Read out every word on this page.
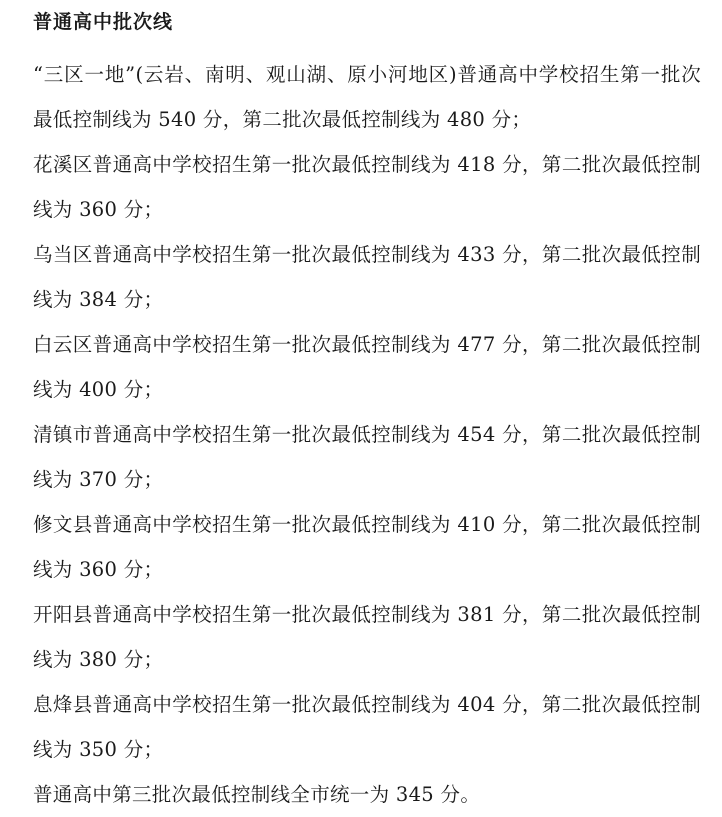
普通高中批次线

“三区一地”(云岩、南明、观山湖、原小河地区)普通高中学校招生第一批次最低控制线为 540 分，第二批次最低控制线为 480 分；

花溪区普通高中学校招生第一批次最低控制线为 418 分，第二批次最低控制线为 360 分；

乌当区普通高中学校招生第一批次最低控制线为 433 分，第二批次最低控制线为 384 分；

白云区普通高中学校招生第一批次最低控制线为 477 分，第二批次最低控制线为 400 分；

清镇市普通高中学校招生第一批次最低控制线为 454 分，第二批次最低控制线为 370 分；

修文县普通高中学校招生第一批次最低控制线为 410 分，第二批次最低控制线为 360 分；

开阳县普通高中学校招生第一批次最低控制线为 381 分，第二批次最低控制线为 380 分；

息烽县普通高中学校招生第一批次最低控制线为 404 分，第二批次最低控制线为 350 分；

普通高中第三批次最低控制线全市统一为 345 分。
